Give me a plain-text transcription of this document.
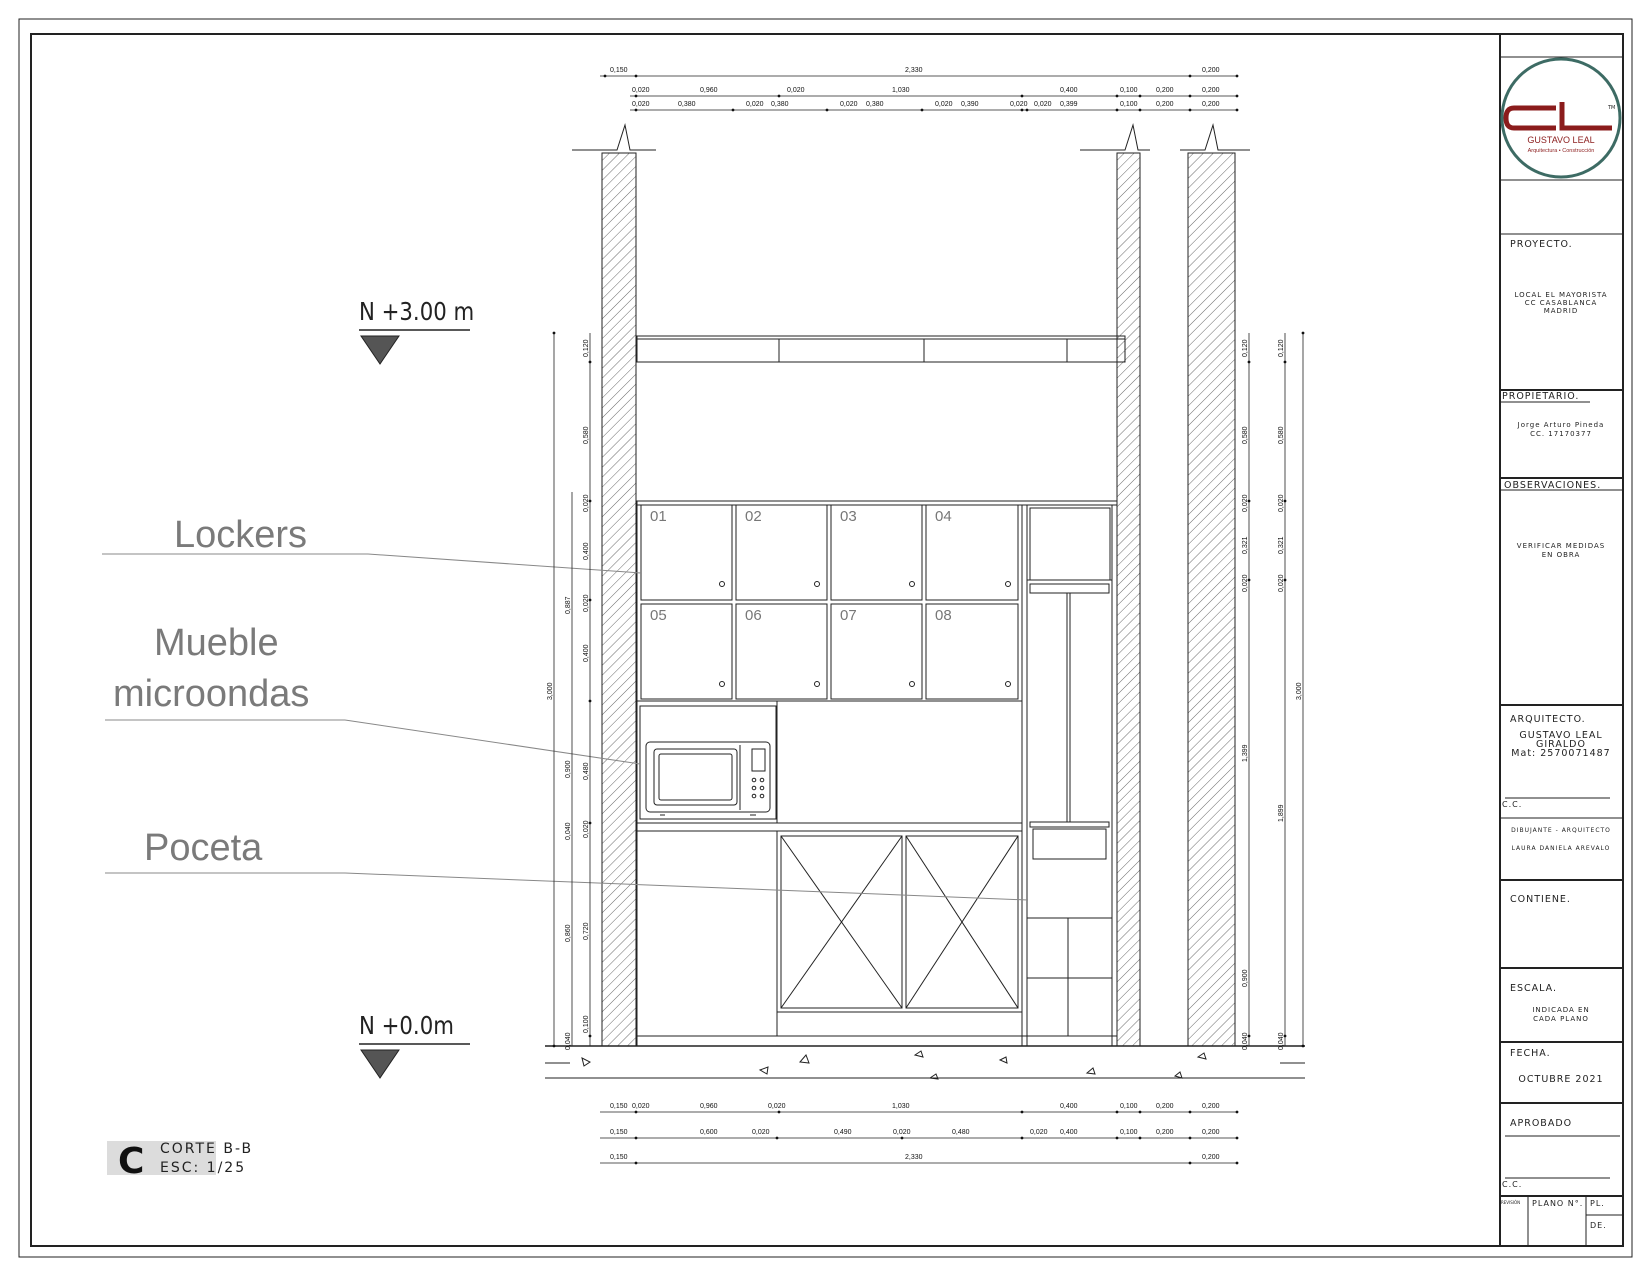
TM
GUSTAVO LEAL
Arquitectura • Construcción
PROYECTO.
LOCAL EL MAYORISTA
CC CASABLANCA
MADRID
PROPIETARIO.
Jorge Arturo Pineda
CC. 17170377
OBSERVACIONES.
VERIFICAR MEDIDAS
EN OBRA
ARQUITECTO.
GUSTAVO LEAL
GIRALDO
Mat: 2570071487
C.C.
DIBUJANTE - ARQUITECTO
LAURA DANIELA AREVALO
CONTIENE.
ESCALA.
INDICADA EN
CADA PLANO
FECHA.
OCTUBRE 2021
APROBADO
C.C.
REVISIÓN PLANO N°. PL.
DE.
01	02	03	04
05	06	07	08
N +3.00 m
N +0.0m
Lockers
Mueble
microondas
Poceta
C CORTE B-B
ESC: 1/25
0,150	2,330	0,200
0,020	0,960	0,020	1,030	0,400	0,100	0,200	0,200
0,020	0,380	0,020 0,380	0,020 0,380	0,020 0,390	0,020 0,020 0,399	0,100	0,200	0,200
0,150 0,020	0,960	0,020	1,030	0,400	0,100	0,200	0,200
0,150	0,600	0,020	0,490	0,020	0,480	0,020 0,400	0,100	0,200	0,200
0,150	2,330	0,200
0,120
0,580
0,020
0,400
0,020
0,400
0,480
0,020
0,720
0,100
0,040
0,887
0,900
0,040
0,860
3,000
0,120
0,580
0,020
0,321
0,020
1,399
0,900
0,040
0,120
0,580
0,020
0,321
0,020
1,899
0,040
3,000
